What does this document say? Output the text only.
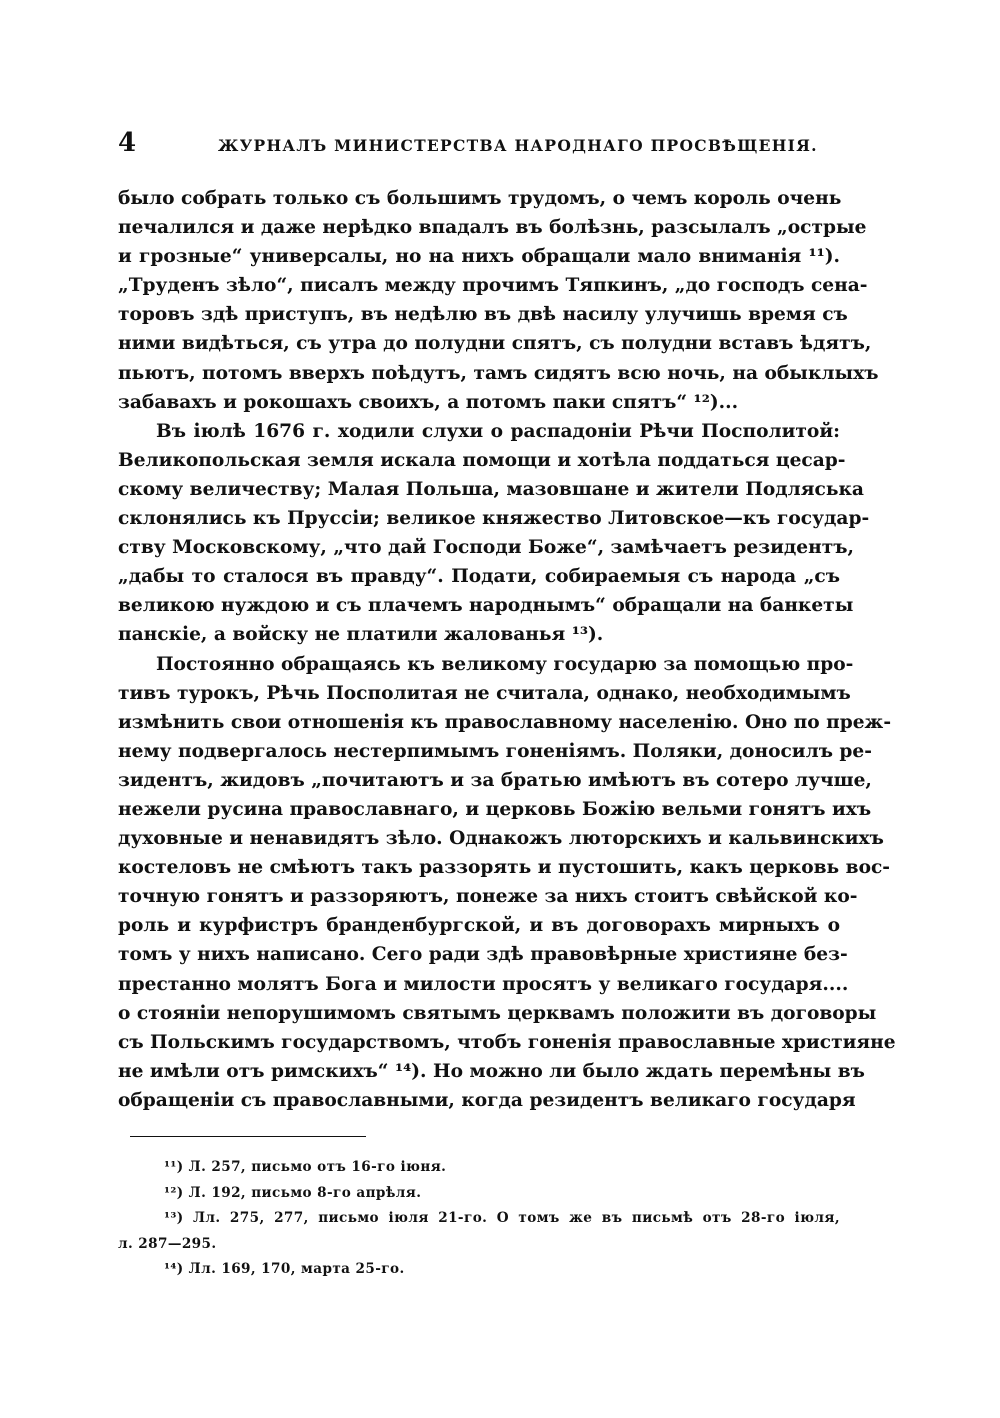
4	ЖУРНАЛЪ МИНИСТЕРСТВА НАРОДНАГО ПРОСВѢЩЕНІЯ.
было собрать только съ большимъ трудомъ, о чемъ король очень
печалился и даже нерѣдко впадалъ въ болѣзнь, разсылалъ „острые
и грозные“ универсалы, но на нихъ обращали мало вниманія ¹¹).
„Труденъ зѣло“, писалъ между прочимъ Тяпкинъ, „до господъ сена-
торовъ здѣ приступъ, въ недѣлю въ двѣ насилу улучишь время съ
ними видѣться, съ утра до полудни спятъ, съ полудни вставъ ѣдятъ,
пьютъ, потомъ вверхъ поѣдутъ, тамъ сидятъ всю ночь, на обыклыхъ
забавахъ и рокошахъ своихъ, а потомъ паки спятъ“ ¹²)...
Въ іюлѣ 1676 г. ходили слухи о распадоніи Рѣчи Посполитой:
Великопольская земля искала помощи и хотѣла поддаться цесар-
скому величеству; Малая Польша, мазовшане и жители Подляська
склонялись къ Пруссіи; великое княжество Литовское—къ государ-
ству Московскому, „что дай Господи Боже“, замѣчаетъ резидентъ,
„дабы то сталося въ правду“. Подати, собираемыя съ народа „съ
великою нуждою и съ плачемъ народнымъ“ обращали на банкеты
панскіе, а войску не платили жалованья ¹³).
Постоянно обращаясь къ великому государю за помощью про-
тивъ турокъ, Рѣчь Посполитая не считала, однако, необходимымъ
измѣнить свои отношенія къ православному населенію. Оно по преж-
нему подвергалось нестерпимымъ гоненіямъ. Поляки, доносилъ ре-
зидентъ, жидовъ „почитаютъ и за братью имѣютъ въ сотеро лучше,
нежели русина православнаго, и церковь Божію вельми гонятъ ихъ
духовные и ненавидятъ зѣло. Однакожъ люторскихъ и кальвинскихъ
костеловъ не смѣютъ такъ раззорять и пустошить, какъ церковь вос-
точную гонятъ и раззоряютъ, понеже за нихъ стоитъ свѣйской ко-
роль и курфистръ бранденбургской, и въ договорахъ мирныхъ о
томъ у нихъ написано. Сего ради здѣ правовѣрные християне без-
престанно молятъ Бога и милости просятъ у великаго государя....
о стояніи непорушимомъ святымъ церквамъ положити въ договоры
съ Польскимъ государствомъ, чтобъ гоненія православные християне
не имѣли отъ римскихъ“ ¹⁴). Но можно ли было ждать перемѣны въ
обращеніи съ православными, когда резидентъ великаго государя
¹¹) Л. 257, письмо отъ 16-го іюня.
¹²) Л. 192, письмо 8-го апрѣля.
¹³) Лл. 275, 277, письмо іюля 21-го. О томъ же въ письмѣ отъ 28-го іюля,
л. 287—295.
¹⁴) Лл. 169, 170, марта 25-го.
